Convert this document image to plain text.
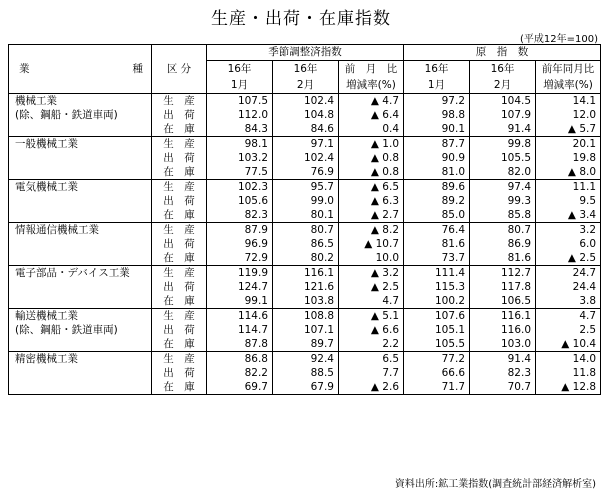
生産・出荷・在庫指数
(平成12年=100)
業 種	区 分	季節調整済指数			原　指　数		
		16年	16年	前　月　比	16年	16年	前年同月比
		1月	2月	増減率(%)	1月	2月	増減率(%)
機械工業	生　産	107.5	102.4	▲ 4.7	97.2	104.5	14.1
(除、鋼船・鉄道車両)	出　荷	112.0	104.8	▲ 6.4	98.8	107.9	12.0
	在　庫	84.3	84.6	0.4	90.1	91.4	▲ 5.7
一般機械工業	生　産	98.1	97.1	▲ 1.0	87.7	99.8	20.1
	出　荷	103.2	102.4	▲ 0.8	90.9	105.5	19.8
	在　庫	77.5	76.9	▲ 0.8	81.0	82.0	▲ 8.0
電気機械工業	生　産	102.3	95.7	▲ 6.5	89.6	97.4	11.1
	出　荷	105.6	99.0	▲ 6.3	89.2	99.3	9.5
	在　庫	82.3	80.1	▲ 2.7	85.0	85.8	▲ 3.4
情報通信機械工業	生　産	87.9	80.7	▲ 8.2	76.4	80.7	3.2
	出　荷	96.9	86.5	▲ 10.7	81.6	86.9	6.0
	在　庫	72.9	80.2	10.0	73.7	81.6	▲ 2.5
電子部品・デバイス工業	生　産	119.9	116.1	▲ 3.2	111.4	112.7	24.7
	出　荷	124.7	121.6	▲ 2.5	115.3	117.8	24.4
	在　庫	99.1	103.8	4.7	100.2	106.5	3.8
輸送機械工業	生　産	114.6	108.8	▲ 5.1	107.6	116.1	4.7
(除、鋼船・鉄道車両)	出　荷	114.7	107.1	▲ 6.6	105.1	116.0	2.5
	在　庫	87.8	89.7	2.2	105.5	103.0	▲ 10.4
精密機械工業	生　産	86.8	92.4	6.5	77.2	91.4	14.0
	出　荷	82.2	88.5	7.7	66.6	82.3	11.8
	在　庫	69.7	67.9	▲ 2.6	71.7	70.7	▲ 12.8
資料出所:鉱工業指数(調査統計部経済解析室)
